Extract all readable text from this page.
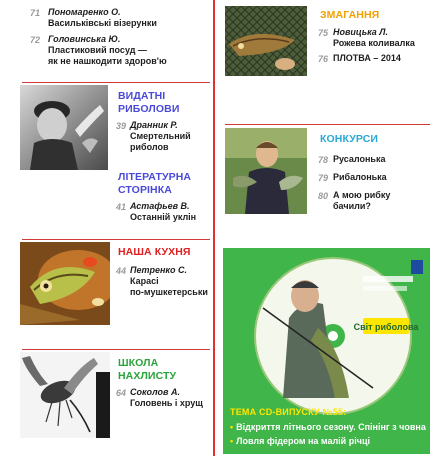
71 Пономаренко О.
Васильківські візерунки
72 Головинська Ю.
Пластиковий посуд —
як не нашкодити здоров'ю
ВИДАТНІ
РИБОЛОВИ
39 Дранник Р.
Смертельний
риболов
ЛІТЕРАТУРНА
СТОРІНКА
41 Астафьев В.
Останній уклін
НАША КУХНЯ
44 Петренко С.
Карасі
по-мушкетерськи
ШКОЛА
НАХЛИСТУ
64 Соколов А.
Головень і хрущ
ЗМАГАННЯ
75 Новицька Л.
Рожева коливалка
76 ПЛОТВА – 2014
КОНКУРСИ
78 Русалонька
79 Рибалонька
80 А мою рибку
бачили?
Світ риболова
ТЕМА CD-ВИПУСКУ №55:
• Відкриття літнього сезону. Спінінг з човна
• Ловля фідером на малій річці
